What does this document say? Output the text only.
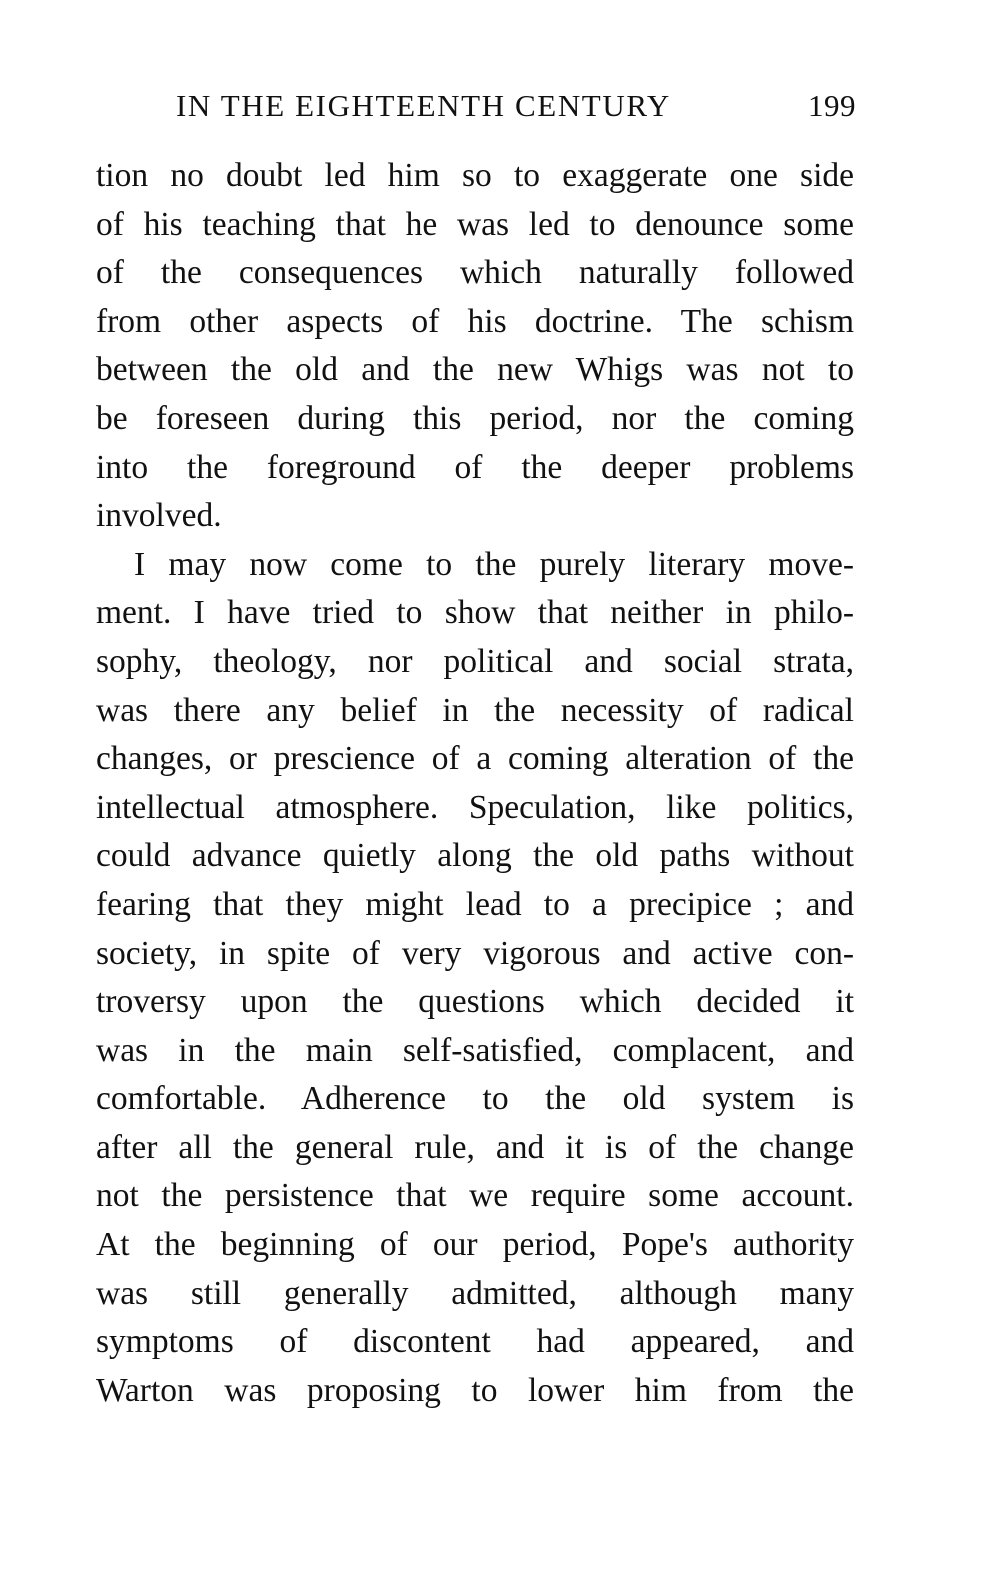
IN THE EIGHTEENTH CENTURY	199
tion no doubt led him so to exaggerate one side
of his teaching that he was led to denounce some
of the consequences which naturally followed
from other aspects of his doctrine. The schism
between the old and the new Whigs was not to
be foreseen during this period, nor the coming
into the foreground of the deeper problems
involved.
I may now come to the purely literary move-
ment. I have tried to show that neither in philo-
sophy, theology, nor political and social strata,
was there any belief in the necessity of radical
changes, or prescience of a coming alteration of the
intellectual atmosphere. Speculation, like politics,
could advance quietly along the old paths without
fearing that they might lead to a precipice ; and
society, in spite of very vigorous and active con-
troversy upon the questions which decided it
was in the main self-satisfied, complacent, and
comfortable. Adherence to the old system is
after all the general rule, and it is of the change
not the persistence that we require some account.
At the beginning of our period, Pope's authority
was still generally admitted, although many
symptoms of discontent had appeared, and
Warton was proposing to lower him from the
